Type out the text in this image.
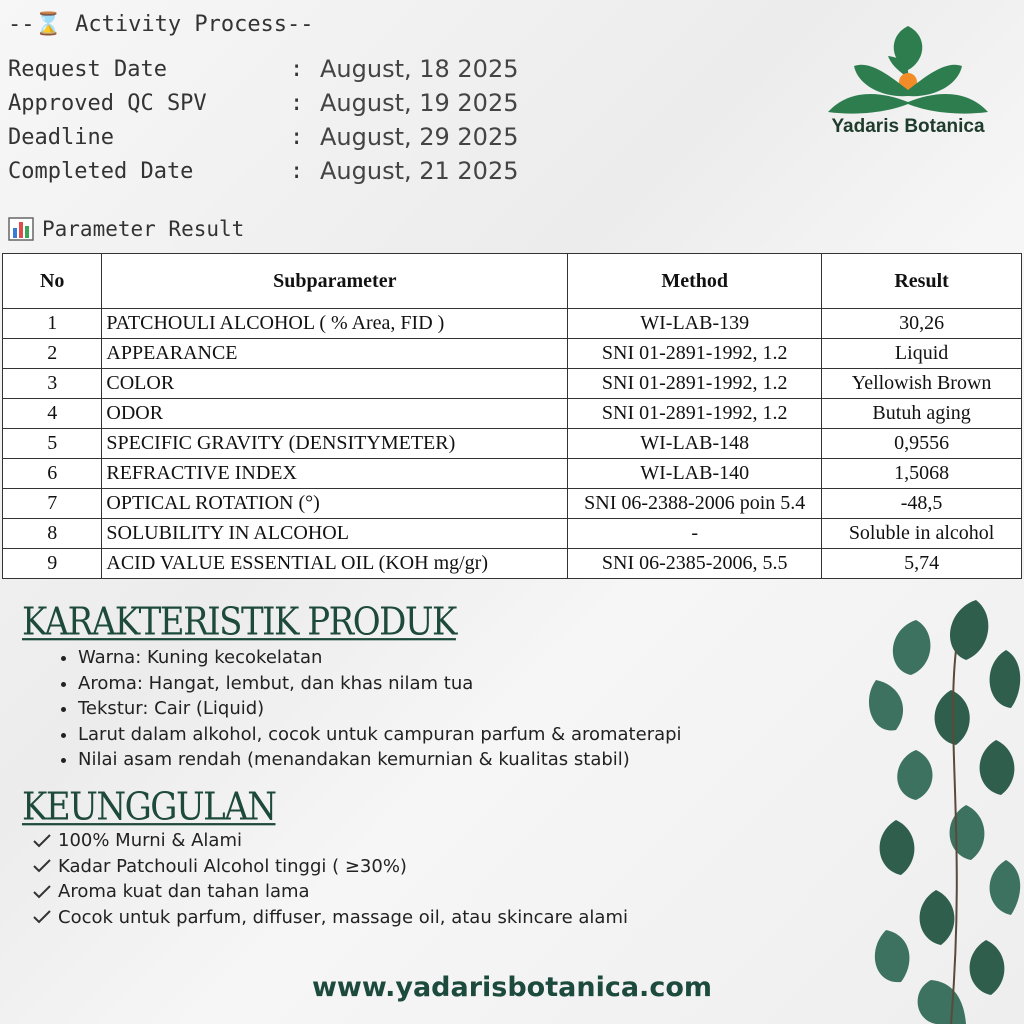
--⌛ Activity Process--
Request Date	: August, 18 2025
Approved QC SPV	: August, 19 2025
Deadline	: August, 29 2025
Completed Date	: August, 21 2025
Yadaris Botanica
Parameter Result
No	Subparameter	Method	Result
1	PATCHOULI ALCOHOL ( % Area, FID )	WI-LAB-139	30,26
2	APPEARANCE	SNI 01-2891-1992, 1.2	Liquid
3	COLOR	SNI 01-2891-1992, 1.2	Yellowish Brown
4	ODOR	SNI 01-2891-1992, 1.2	Butuh aging
5	SPECIFIC GRAVITY (DENSITYMETER)	WI-LAB-148	0,9556
6	REFRACTIVE INDEX	WI-LAB-140	1,5068
7	OPTICAL ROTATION (°)	SNI 06-2388-2006 poin 5.4	-48,5
8	SOLUBILITY IN ALCOHOL	-	Soluble in alcohol
9	ACID VALUE ESSENTIAL OIL (KOH mg/gr)	SNI 06-2385-2006, 5.5	5,74
KARAKTERISTIK PRODUK
• Warna: Kuning kecokelatan
• Aroma: Hangat, lembut, dan khas nilam tua
• Tekstur: Cair (Liquid)
• Larut dalam alkohol, cocok untuk campuran parfum & aromaterapi
• Nilai asam rendah (menandakan kemurnian & kualitas stabil)
KEUNGGULAN
100% Murni & Alami
Kadar Patchouli Alcohol tinggi ( ≥30%)
Aroma kuat dan tahan lama
Cocok untuk parfum, diffuser, massage oil, atau skincare alami
www.yadarisbotanica.com
